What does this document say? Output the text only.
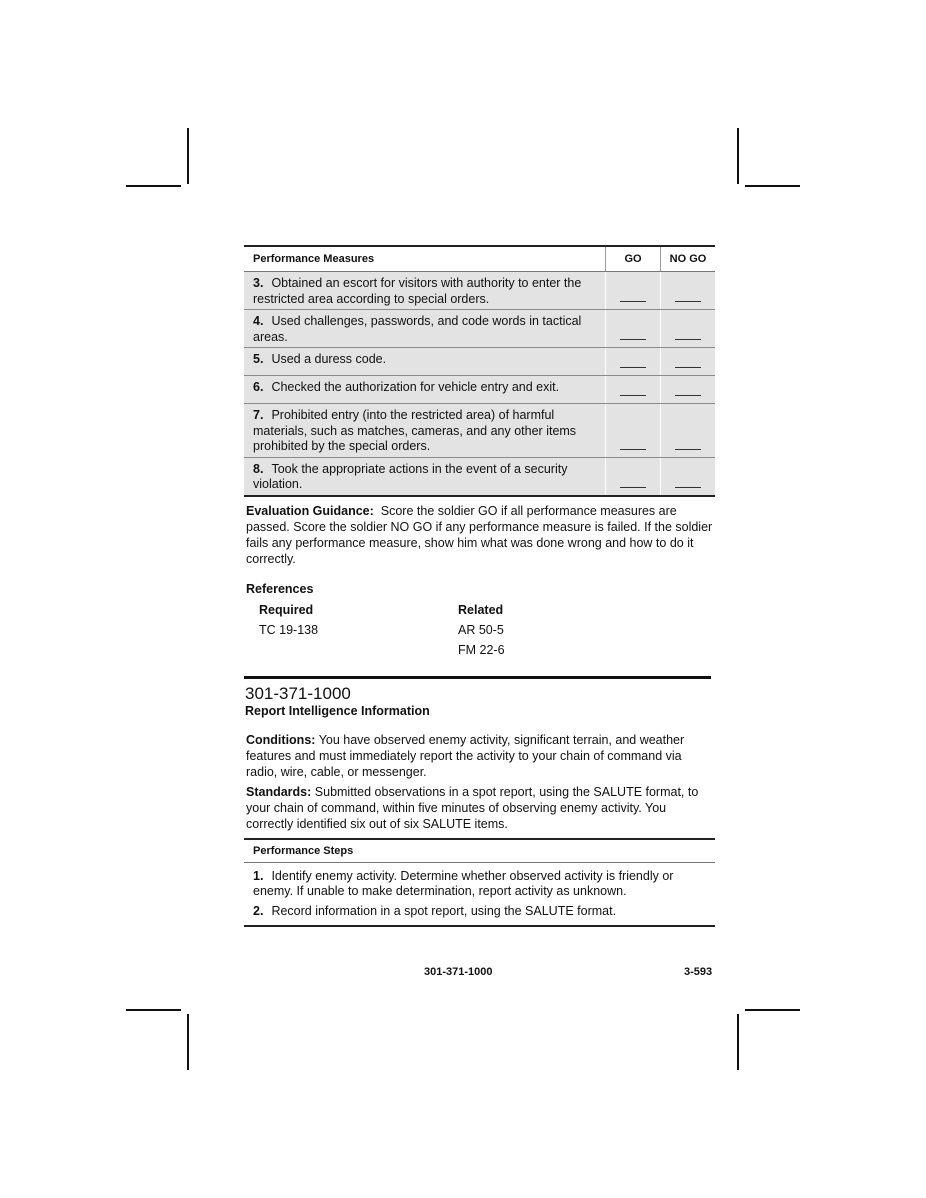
Performance Measures	GO	NO GO
3. Obtained an escort for visitors with authority to enter the restricted area according to special orders.	

4. Used challenges, passwords, and code words in tactical areas.	

5. Used a duress code.	

6. Checked the authorization for vehicle entry and exit.	

7. Prohibited entry (into the restricted area) of harmful materials, such as matches, cameras, and any other items prohibited by the special orders.	

8. Took the appropriate actions in the event of a security violation.	

Evaluation Guidance: Score the soldier GO if all performance measures are passed. Score the soldier NO GO if any performance measure is failed. If the soldier fails any performance measure, show him what was done wrong and how to do it correctly.

References
Required
TC 19-138
Related
AR 50-5
FM 22-6
301-371-1000
Report Intelligence Information

Conditions: You have observed enemy activity, significant terrain, and weather features and must immediately report the activity to your chain of command via radio, wire, cable, or messenger.

Standards: Submitted observations in a spot report, using the SALUTE format, to your chain of command, within five minutes of observing enemy activity. You correctly identified six out of six SALUTE items.

Performance Steps
1. Identify enemy activity. Determine whether observed activity is friendly or enemy. If unable to make determination, report activity as unknown.
2. Record information in a spot report, using the SALUTE format.
301-371-1000	3-593
